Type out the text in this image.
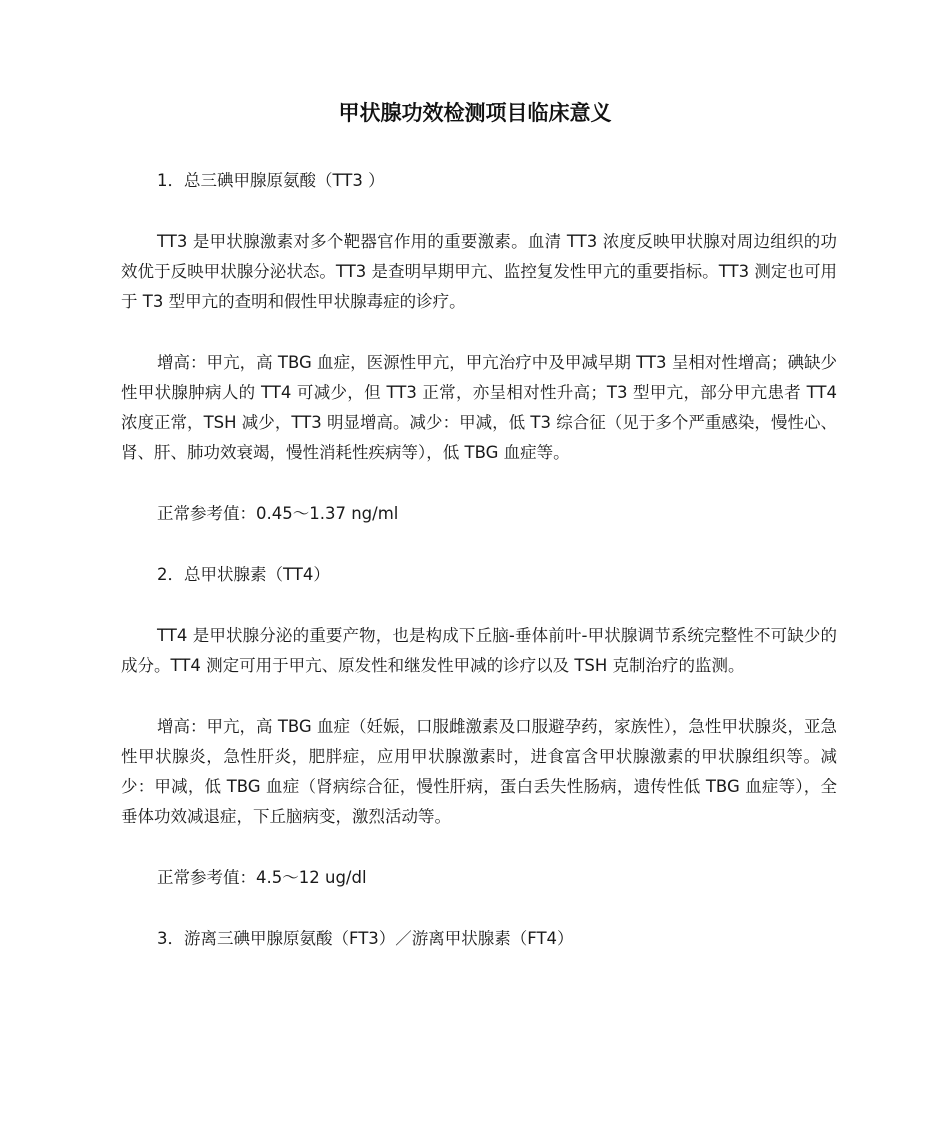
甲状腺功效检测项目临床意义

1．总三碘甲腺原氨酸（TT3 ）

TT3 是甲状腺激素对多个靶器官作用的重要激素。血清 TT3 浓度反映甲状腺对周边组织的功效优于反映甲状腺分泌状态。TT3 是查明早期甲亢、监控复发性甲亢的重要指标。TT3 测定也可用于 T3 型甲亢的查明和假性甲状腺毒症的诊疗。

增高：甲亢，高 TBG 血症，医源性甲亢，甲亢治疗中及甲减早期 TT3 呈相对性增高；碘缺少性甲状腺肿病人的 TT4 可减少，但 TT3 正常，亦呈相对性升高；T3 型甲亢，部分甲亢患者 TT4 浓度正常，TSH 减少，TT3 明显增高。减少：甲减，低 T3 综合征（见于多个严重感染，慢性心、肾、肝、肺功效衰竭，慢性消耗性疾病等），低 TBG 血症等。

正常参考值：0.45～1.37 ng/ml

2．总甲状腺素（TT4）

TT4 是甲状腺分泌的重要产物，也是构成下丘脑-垂体前叶-甲状腺调节系统完整性不可缺少的成分。TT4 测定可用于甲亢、原发性和继发性甲减的诊疗以及 TSH 克制治疗的监测。

增高：甲亢，高 TBG 血症（妊娠，口服雌激素及口服避孕药，家族性），急性甲状腺炎，亚急性甲状腺炎，急性肝炎，肥胖症，应用甲状腺激素时，进食富含甲状腺激素的甲状腺组织等。减少：甲减，低 TBG 血症（肾病综合征，慢性肝病，蛋白丢失性肠病，遗传性低 TBG 血症等），全垂体功效减退症，下丘脑病变，激烈活动等。

正常参考值：4.5～12 ug/dl

3．游离三碘甲腺原氨酸（FT3）／游离甲状腺素（FT4）
